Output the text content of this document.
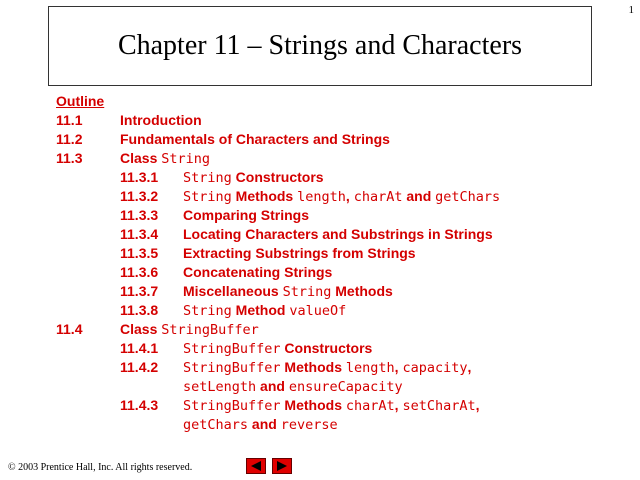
1
Chapter 11 – Strings and Characters
Outline
11.1	Introduction
11.2	Fundamentals of Characters and Strings
11.3	Class String
11.3.1 String Constructors
11.3.2 String Methods length, charAt and getChars
11.3.3 Comparing Strings
11.3.4 Locating Characters and Substrings in Strings
11.3.5 Extracting Substrings from Strings
11.3.6 Concatenating Strings
11.3.7 Miscellaneous String Methods
11.3.8 String Method valueOf
11.4	Class StringBuffer
11.4.1 StringBuffer Constructors
11.4.2 StringBuffer Methods length, capacity,
setLength and ensureCapacity
11.4.3 StringBuffer Methods charAt, setCharAt,
getChars and reverse
© 2003 Prentice Hall, Inc. All rights reserved.
